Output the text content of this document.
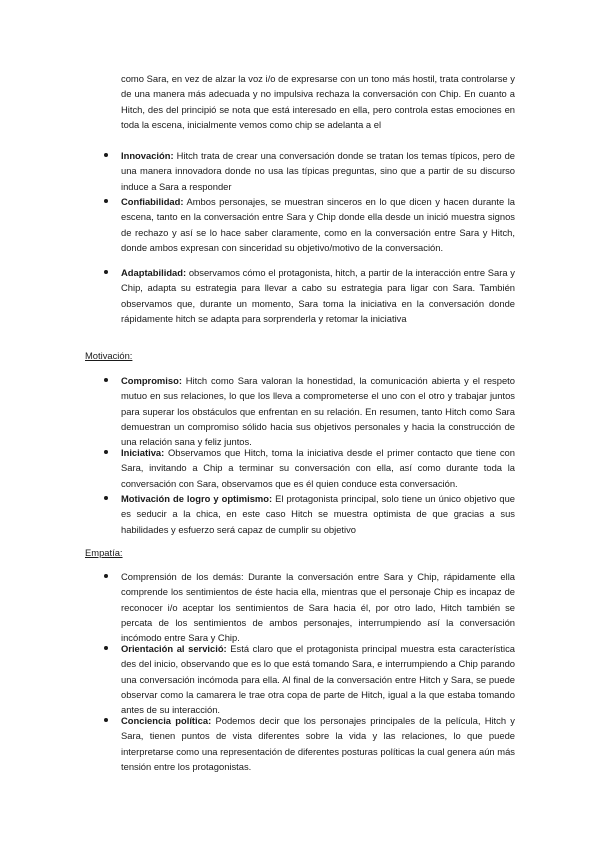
como Sara, en vez de alzar la voz i/o de expresarse con un tono más hostil, trata controlarse y de una manera más adecuada y no impulsiva rechaza la conversación con Chip. En cuanto a Hitch, des del principió se nota que está interesado en ella, pero controla estas emociones en toda la escena, inicialmente vemos como chip se adelanta a el

Innovación: Hitch trata de crear una conversación donde se tratan los temas típicos, pero de una manera innovadora donde no usa las típicas preguntas, sino que a partir de su discurso induce a Sara a responder
Confiabilidad: Ambos personajes, se muestran sinceros en lo que dicen y hacen durante la escena, tanto en la conversación entre Sara y Chip donde ella desde un inició muestra signos de rechazo y así se lo hace saber claramente, como en la conversación entre Sara y Hitch, donde ambos expresan con sinceridad su objetivo/motivo de la conversación.
Adaptabilidad: observamos cómo el protagonista, hitch, a partir de la interacción entre Sara y Chip, adapta su estrategia para llevar a cabo su estrategia para ligar con Sara. También observamos que, durante un momento, Sara toma la iniciativa en la conversación donde rápidamente hitch se adapta para sorprenderla y retomar la iniciativa
Motivación:
Compromiso: Hitch como Sara valoran la honestidad, la comunicación abierta y el respeto mutuo en sus relaciones, lo que los lleva a comprometerse el uno con el otro y trabajar juntos para superar los obstáculos que enfrentan en su relación. En resumen, tanto Hitch como Sara demuestran un compromiso sólido hacia sus objetivos personales y hacia la construcción de una relación sana y feliz juntos.
Iniciativa: Observamos que Hitch, toma la iniciativa desde el primer contacto que tiene con Sara, invitando a Chip a terminar su conversación con ella, así como durante toda la conversación con Sara, observamos que es él quien conduce esta conversación.
Motivación de logro y optimismo: El protagonista principal, solo tiene un único objetivo que es seducir a la chica, en este caso Hitch se muestra optimista de que gracias a sus habilidades y esfuerzo será capaz de cumplir su objetivo
Empatía:
Comprensión de los demás: Durante la conversación entre Sara y Chip, rápidamente ella comprende los sentimientos de éste hacia ella, mientras que el personaje Chip es incapaz de reconocer i/o aceptar los sentimientos de Sara hacia él, por otro lado, Hitch también se percata de los sentimientos de ambos personajes, interrumpiendo así la conversación incómodo entre Sara y Chip.
Orientación al servició: Está claro que el protagonista principal muestra esta característica des del inicio, observando que es lo que está tomando Sara, e interrumpiendo a Chip parando una conversación incómoda para ella. Al final de la conversación entre Hitch y Sara, se puede observar como la camarera le trae otra copa de parte de Hitch, igual a la que estaba tomando antes de su interacción.
Conciencia política: Podemos decir que los personajes principales de la película, Hitch y Sara, tienen puntos de vista diferentes sobre la vida y las relaciones, lo que puede interpretarse como una representación de diferentes posturas políticas la cual genera aún más tensión entre los protagonistas.
